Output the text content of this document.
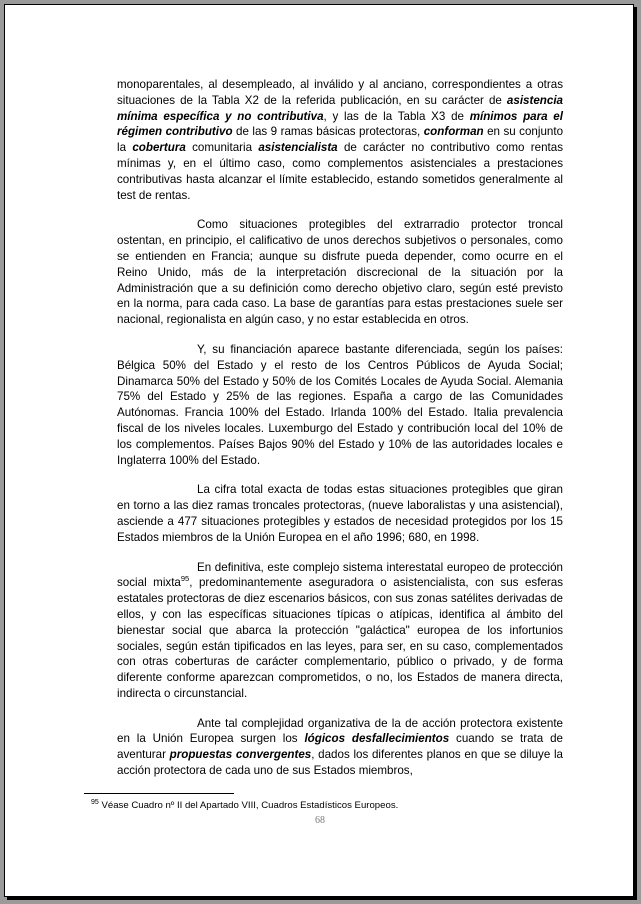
monoparentales, al desempleado, al inválido y al anciano, correspondientes a otras situaciones de la Tabla X2 de la referida publicación, en su carácter de asistencia mínima específica y no contributiva, y las de la Tabla X3 de mínimos para el régimen contributivo de las 9 ramas básicas protectoras, conforman en su conjunto la cobertura comunitaria asistencialista de carácter no contributivo como rentas mínimas y, en el último caso, como complementos asistenciales a prestaciones contributivas hasta alcanzar el límite establecido, estando sometidos generalmente al test de rentas.

Como situaciones protegibles del extrarradio protector troncal ostentan, en principio, el calificativo de unos derechos subjetivos o personales, como se entienden en Francia; aunque su disfrute pueda depender, como ocurre en el Reino Unido, más de la interpretación discrecional de la situación por la Administración que a su definición como derecho objetivo claro, según esté previsto en la norma, para cada caso. La base de garantías para estas prestaciones suele ser nacional, regionalista en algún caso, y no estar establecida en otros.

Y, su financiación aparece bastante diferenciada, según los países: Bélgica 50% del Estado y el resto de los Centros Públicos de Ayuda Social; Dinamarca 50% del Estado y 50% de los Comités Locales de Ayuda Social. Alemania 75% del Estado y 25% de las regiones. España a cargo de las Comunidades Autónomas. Francia 100% del Estado. Irlanda 100% del Estado. Italia prevalencia fiscal de los niveles locales. Luxemburgo del Estado y contribución local del 10% de los complementos. Países Bajos 90% del Estado y 10% de las autoridades locales e Inglaterra 100% del Estado.

La cifra total exacta de todas estas situaciones protegibles que giran en torno a las diez ramas troncales protectoras, (nueve laboralistas y una asistencial), asciende a 477 situaciones protegibles y estados de necesidad protegidos por los 15 Estados miembros de la Unión Europea en el año 1996; 680, en 1998.

En definitiva, este complejo sistema interestatal europeo de protección social mixta$^{95}$, predominantemente aseguradora o asistencialista, con sus esferas estatales protectoras de diez escenarios básicos, con sus zonas satélites derivadas de ellos, y con las específicas situaciones típicas o atípicas, identifica al ámbito del bienestar social que abarca la protección "galáctica" europea de los infortunios sociales, según están tipificados en las leyes, para ser, en su caso, complementados con otras coberturas de carácter complementario, público o privado, y de forma diferente conforme aparezcan comprometidos, o no, los Estados de manera directa, indirecta o circunstancial.

Ante tal complejidad organizativa de la de acción protectora existente en la Unión Europea surgen los lógicos desfallecimientos cuando se trata de aventurar propuestas convergentes, dados los diferentes planos en que se diluye la acción protectora de cada uno de sus Estados miembros,

$^{95}$ Véase Cuadro nº II del Apartado VIII, Cuadros Estadísticos Europeos.
68
